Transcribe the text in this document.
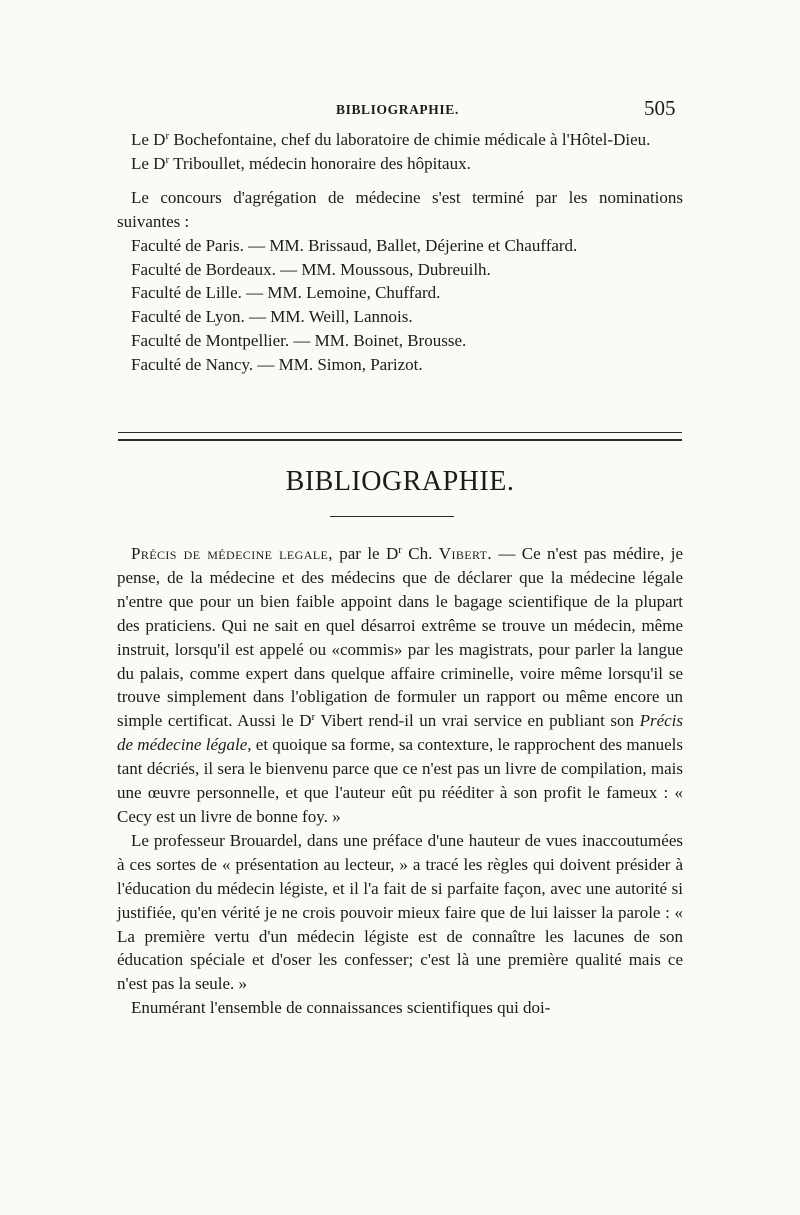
BIBLIOGRAPHIE.	505

Le $D^r$ Bochefontaine, chef du laboratoire de chimie médicale à l'Hôtel-Dieu.

Le $D^r$ Triboullet, médecin honoraire des hôpitaux.

Le concours d'agrégation de médecine s'est terminé par les nominations suivantes :

Faculté de Paris. — MM. Brissaud, Ballet, Déjerine et Chauffard.
Faculté de Bordeaux. — MM. Moussous, Dubreuilh.
Faculté de Lille. — MM. Lemoine, Chuffard.
Faculté de Lyon. — MM. Weill, Lannois.
Faculté de Montpellier. — MM. Boinet, Brousse.
Faculté de Nancy. — MM. Simon, Parizot.
BIBLIOGRAPHIE.

Précis de médecine legale, par le $D^r$ Ch. Vibert. — Ce n'est pas médire, je pense, de la médecine et des médecins que de déclarer que la médecine légale n'entre que pour un bien faible appoint dans le bagage scientifique de la plupart des praticiens. Qui ne sait en quel désarroi extrême se trouve un médecin, même instruit, lorsqu'il est appelé ou «commis» par les magistrats, pour parler la langue du palais, comme expert dans quelque affaire criminelle, voire même lorsqu'il se trouve simplement dans l'obligation de formuler un rapport ou même encore un simple certificat. Aussi le $D^r$ Vibert rend-il un vrai service en publiant son Précis de médecine légale, et quoique sa forme, sa contexture, le rapprochent des manuels tant décriés, il sera le bienvenu parce que ce n'est pas un livre de compilation, mais une œuvre personnelle, et que l'auteur eût pu rééditer à son profit le fameux : « Cecy est un livre de bonne foy. »

Le professeur Brouardel, dans une préface d'une hauteur de vues inaccoutumées à ces sortes de « présentation au lecteur, » a tracé les règles qui doivent présider à l'éducation du médecin légiste, et il l'a fait de si parfaite façon, avec une autorité si justifiée, qu'en vérité je ne crois pouvoir mieux faire que de lui laisser la parole : « La première vertu d'un médecin légiste est de connaître les lacunes de son éducation spéciale et d'oser les confesser; c'est là une première qualité mais ce n'est pas la seule. »

Enumérant l'ensemble de connaissances scientifiques qui doi-
